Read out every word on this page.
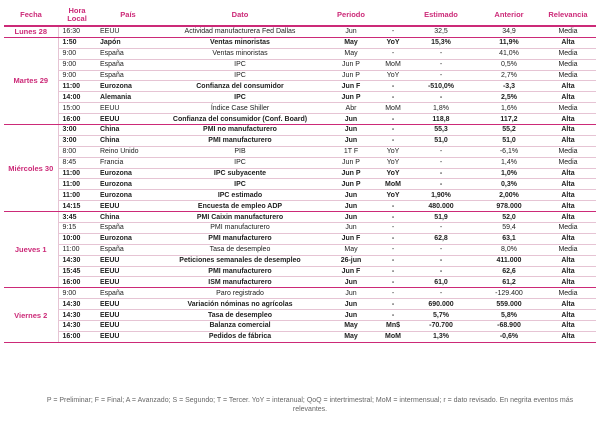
Fecha	Hora Local	País	Dato	Periodo		Estimado	Anterior	Relevancia
Lunes 28	16:30	EEUU	Actividad manufacturera Fed Dallas	Jun	-	32,5	34,9	Media
Martes 29	1:50	Japón	Ventas minoristas	May	YoY	15,3%	11,9%	Alta
	9:00	España	Ventas minoristas	May	-	-	41,0%	Media
	9:00	España	IPC	Jun P	MoM	-	0,5%	Media
	9:00	España	IPC	Jun P	YoY	-	2,7%	Media
	11:00	Eurozona	Confianza del consumidor	Jun F	-	-510,0%	-3,3	Alta
	14:00	Alemania	IPC	Jun P	-	-	2,5%	Alta
	15:00	EEUU	Índice Case Shiller	Abr	MoM	1,8%	1,6%	Media
	16:00	EEUU	Confianza del consumidor (Conf. Board)	Jun	-	118,8	117,2	Alta
Miércoles 30	3:00	China	PMI no manufacturero	Jun	-	55,3	55,2	Alta
	3:00	China	PMI manufacturero	Jun	-	51,0	51,0	Alta
	8:00	Reino Unido	PIB	1T F	YoY	-	-6,1%	Media
	8:45	Francia	IPC	Jun P	YoY	-	1,4%	Media
	11:00	Eurozona	IPC subyacente	Jun P	YoY	-	1,0%	Alta
	11:00	Eurozona	IPC	Jun P	MoM	-	0,3%	Alta
	11:00	Eurozona	IPC estimado	Jun	YoY	1,90%	2,00%	Alta
	14:15	EEUU	Encuesta de empleo ADP	Jun	-	480.000	978.000	Alta
Jueves 1	3:45	China	PMI Caixin manufacturero	Jun	-	51,9	52,0	Alta
	9:15	España	PMI manufacturero	Jun	-	-	59,4	Media
	10:00	Eurozona	PMI manufacturero	Jun F	-	62,8	63,1	Alta
	11:00	España	Tasa de desempleo	May	-	-	8,0%	Media
	14:30	EEUU	Peticiones semanales de desempleo	26-jun	-	-	411.000	Alta
	15:45	EEUU	PMI manufacturero	Jun F	-	-	62,6	Alta
	16:00	EEUU	ISM manufacturero	Jun	-	61,0	61,2	Alta
Viernes 2	9:00	España	Paro registrado	Jun	-	-	-129.400	Media
	14:30	EEUU	Variación nóminas no agrícolas	Jun	-	690.000	559.000	Alta
	14:30	EEUU	Tasa de desempleo	Jun	-	5,7%	5,8%	Alta
	14:30	EEUU	Balanza comercial	May	Mn$	-70.700	-68.900	Alta
	16:00	EEUU	Pedidos de fábrica	May	MoM	1,3%	-0,6%	Alta
P = Preliminar; F = Final; A = Avanzado; S = Segundo; T = Tercer. YoY = interanual; QoQ = intertrimestral; MoM = intermensual; r = dato revisado. En negrita eventos más relevantes.
